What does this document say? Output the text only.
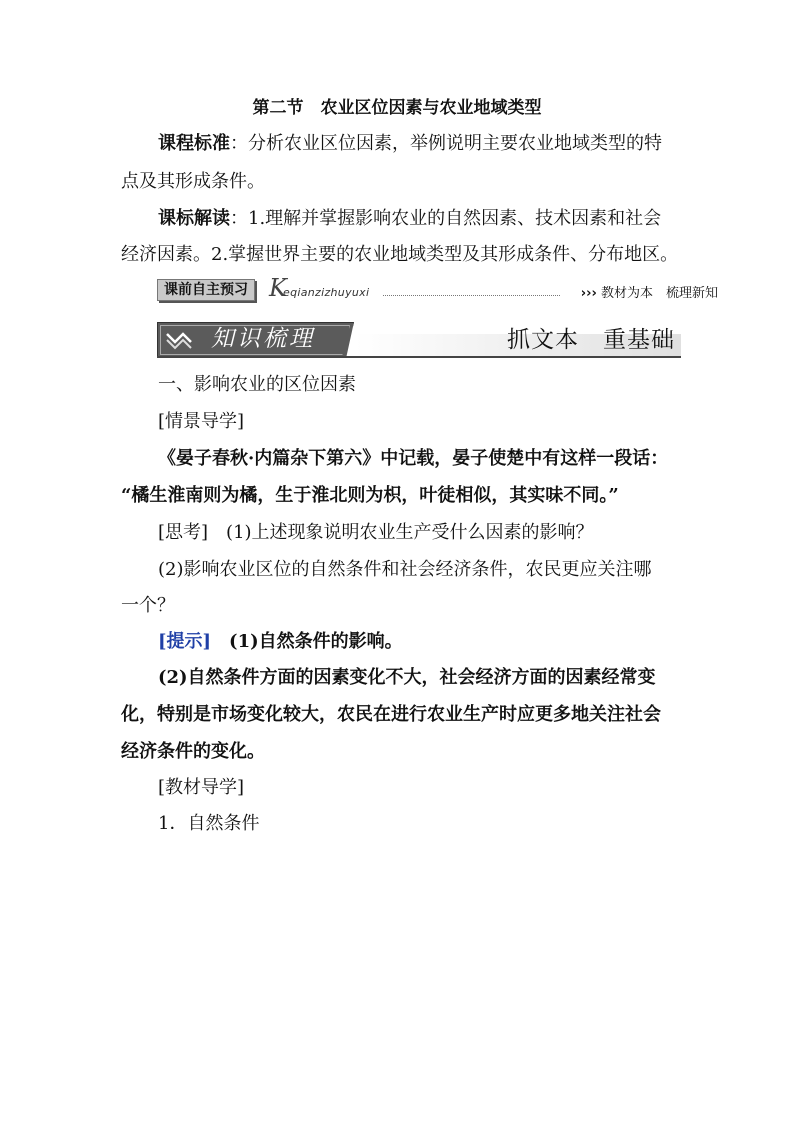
第二节　农业区位因素与农业地域类型
课程标准：分析农业区位因素，举例说明主要农业地域类型的特
点及其形成条件。
课标解读：1.理解并掌握影响农业的自然因素、技术因素和社会
经济因素。2.掌握世界主要的农业地域类型及其形成条件、分布地区。
课前自主预习 K
eqianzizhuyuxi	››› 教材为本　梳理新知
知识梳理	抓文本　重基础
一、影响农业的区位因素
[情景导学]
《晏子春秋·内篇杂下第六》中记载，晏子使楚中有这样一段话：
“橘生淮南则为橘，生于淮北则为枳，叶徒相似，其实味不同。”
[思考]　(1)上述现象说明农业生产受什么因素的影响？
(2)影响农业区位的自然条件和社会经济条件，农民更应关注哪
一个？
[提示]　(1)自然条件的影响。
(2)自然条件方面的因素变化不大，社会经济方面的因素经常变
化，特别是市场变化较大，农民在进行农业生产时应更多地关注社会
经济条件的变化。
[教材导学]
1．自然条件
